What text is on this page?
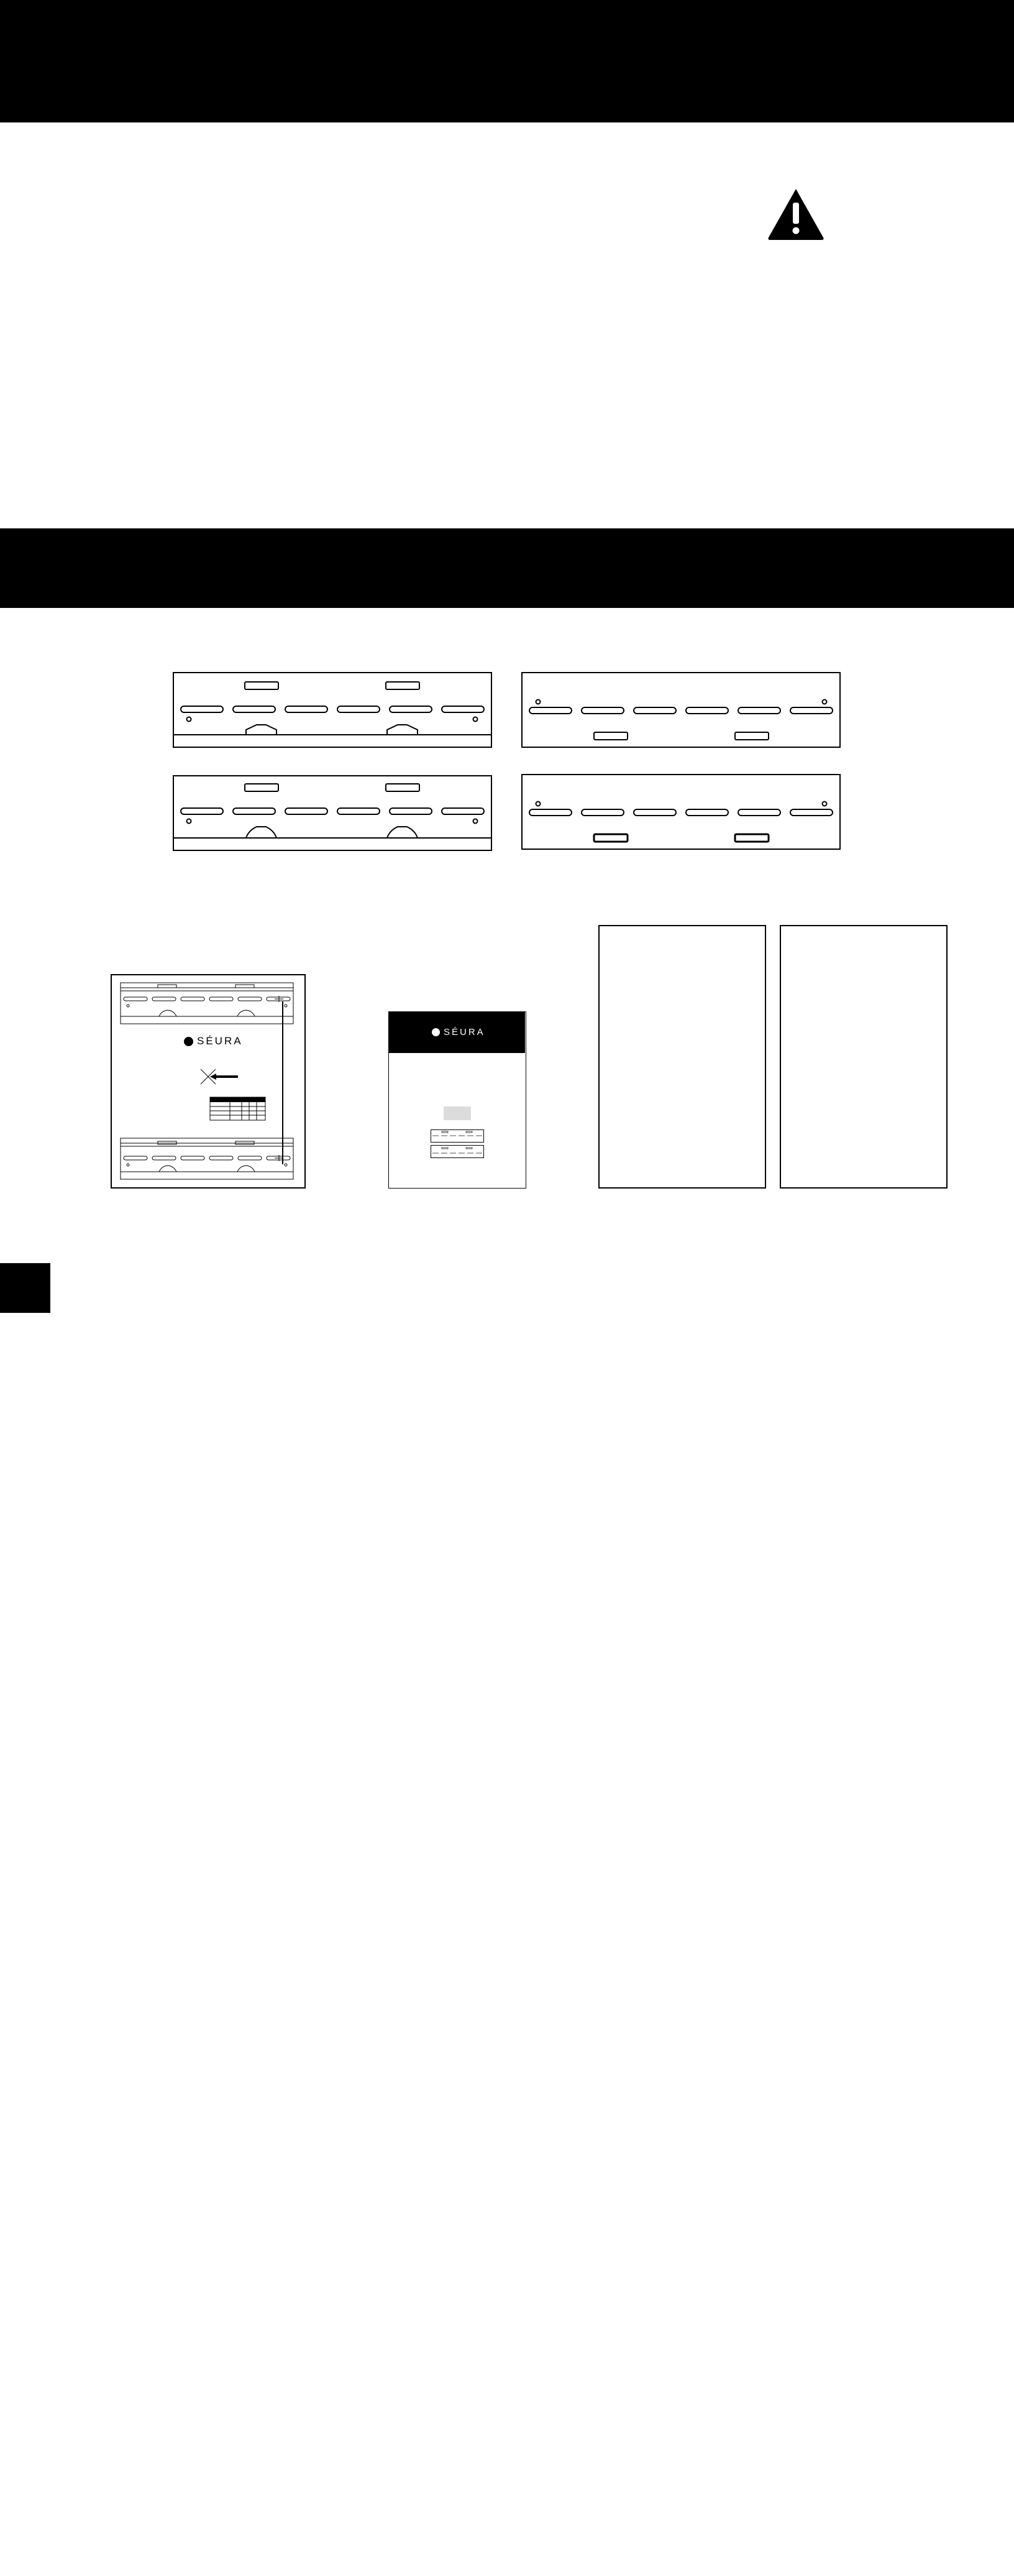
SÉURA
SÉURA
